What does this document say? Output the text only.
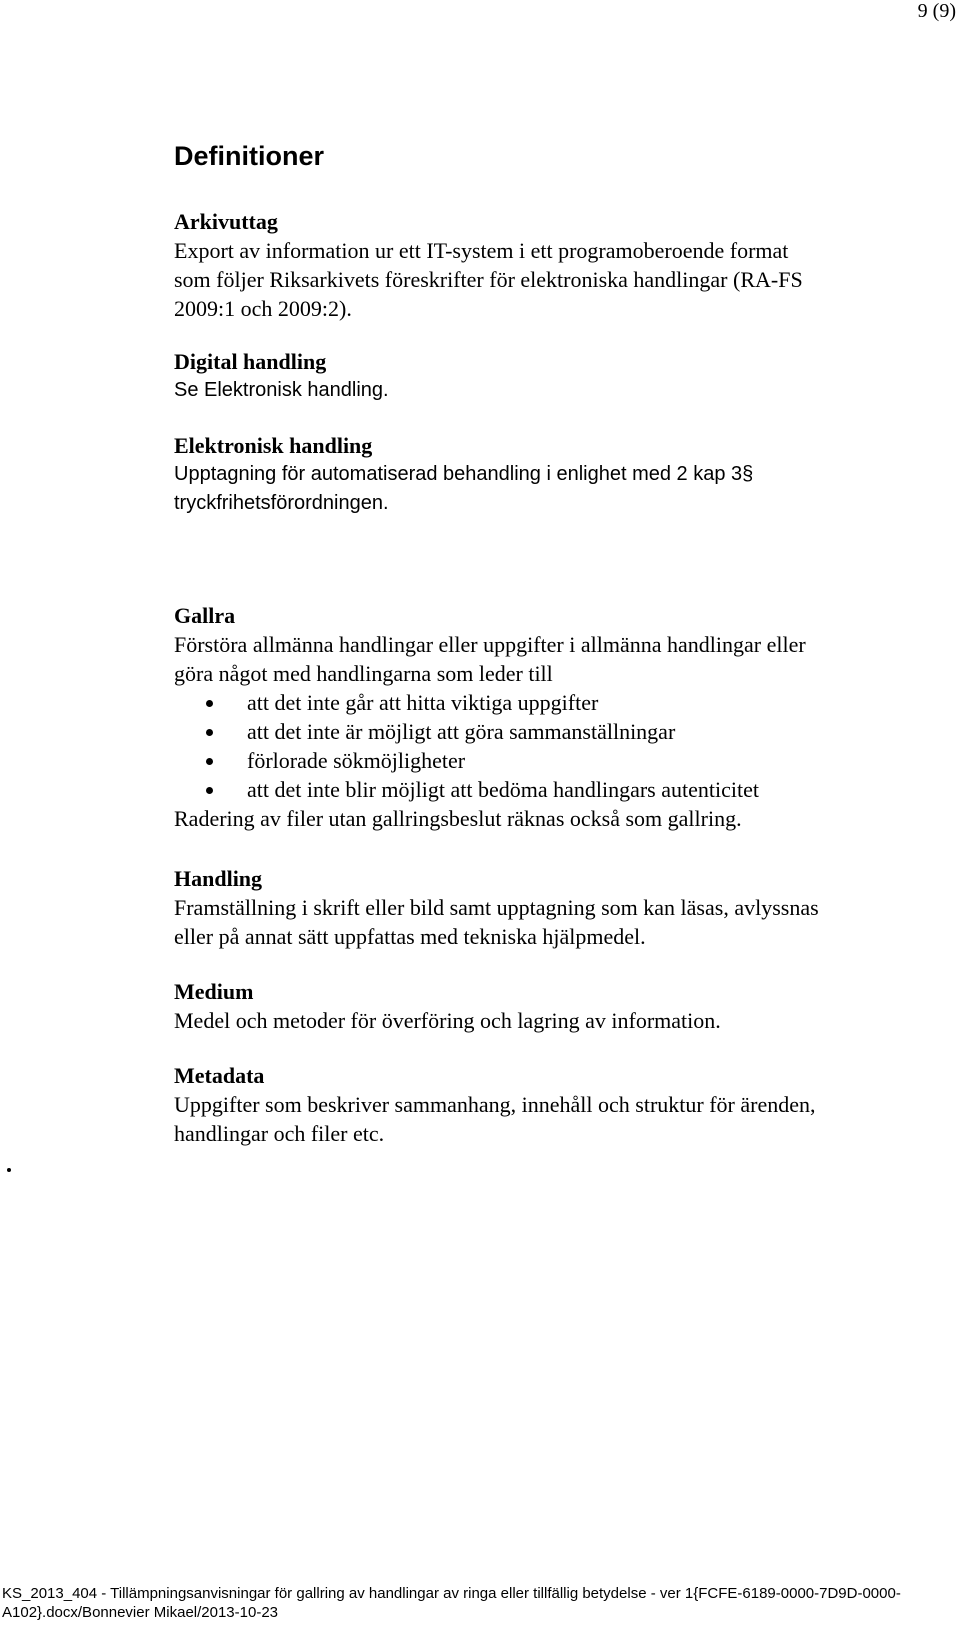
9 (9)
Definitioner

Arkivuttag

Export av information ur ett IT-system i ett programoberoende format

som följer Riksarkivets föreskrifter för elektroniska handlingar (RA-FS

2009:1 och 2009:2).

Digital handling

Se Elektronisk handling.

Elektronisk handling

Upptagning för automatiserad behandling i enlighet med 2 kap 3§

tryckfrihetsförordningen.

Gallra

Förstöra allmänna handlingar eller uppgifter i allmänna handlingar eller

göra något med handlingarna som leder till

att det inte går att hitta viktiga uppgifter
att det inte är möjligt att göra sammanställningar
förlorade sökmöjligheter
att det inte blir möjligt att bedöma handlingars autenticitet

Radering av filer utan gallringsbeslut räknas också som gallring.

Handling

Framställning i skrift eller bild samt upptagning som kan läsas, avlyssnas

eller på annat sätt uppfattas med tekniska hjälpmedel.

Medium

Medel och metoder för överföring och lagring av information.

Metadata

Uppgifter som beskriver sammanhang, innehåll och struktur för ärenden,

handlingar och filer etc.

KS_2013_404 - Tillämpningsanvisningar för gallring av handlingar av ringa eller tillfällig betydelse - ver 1{FCFE-6189-0000-7D9D-0000-
A102}.docx/Bonnevier Mikael/2013-10-23
